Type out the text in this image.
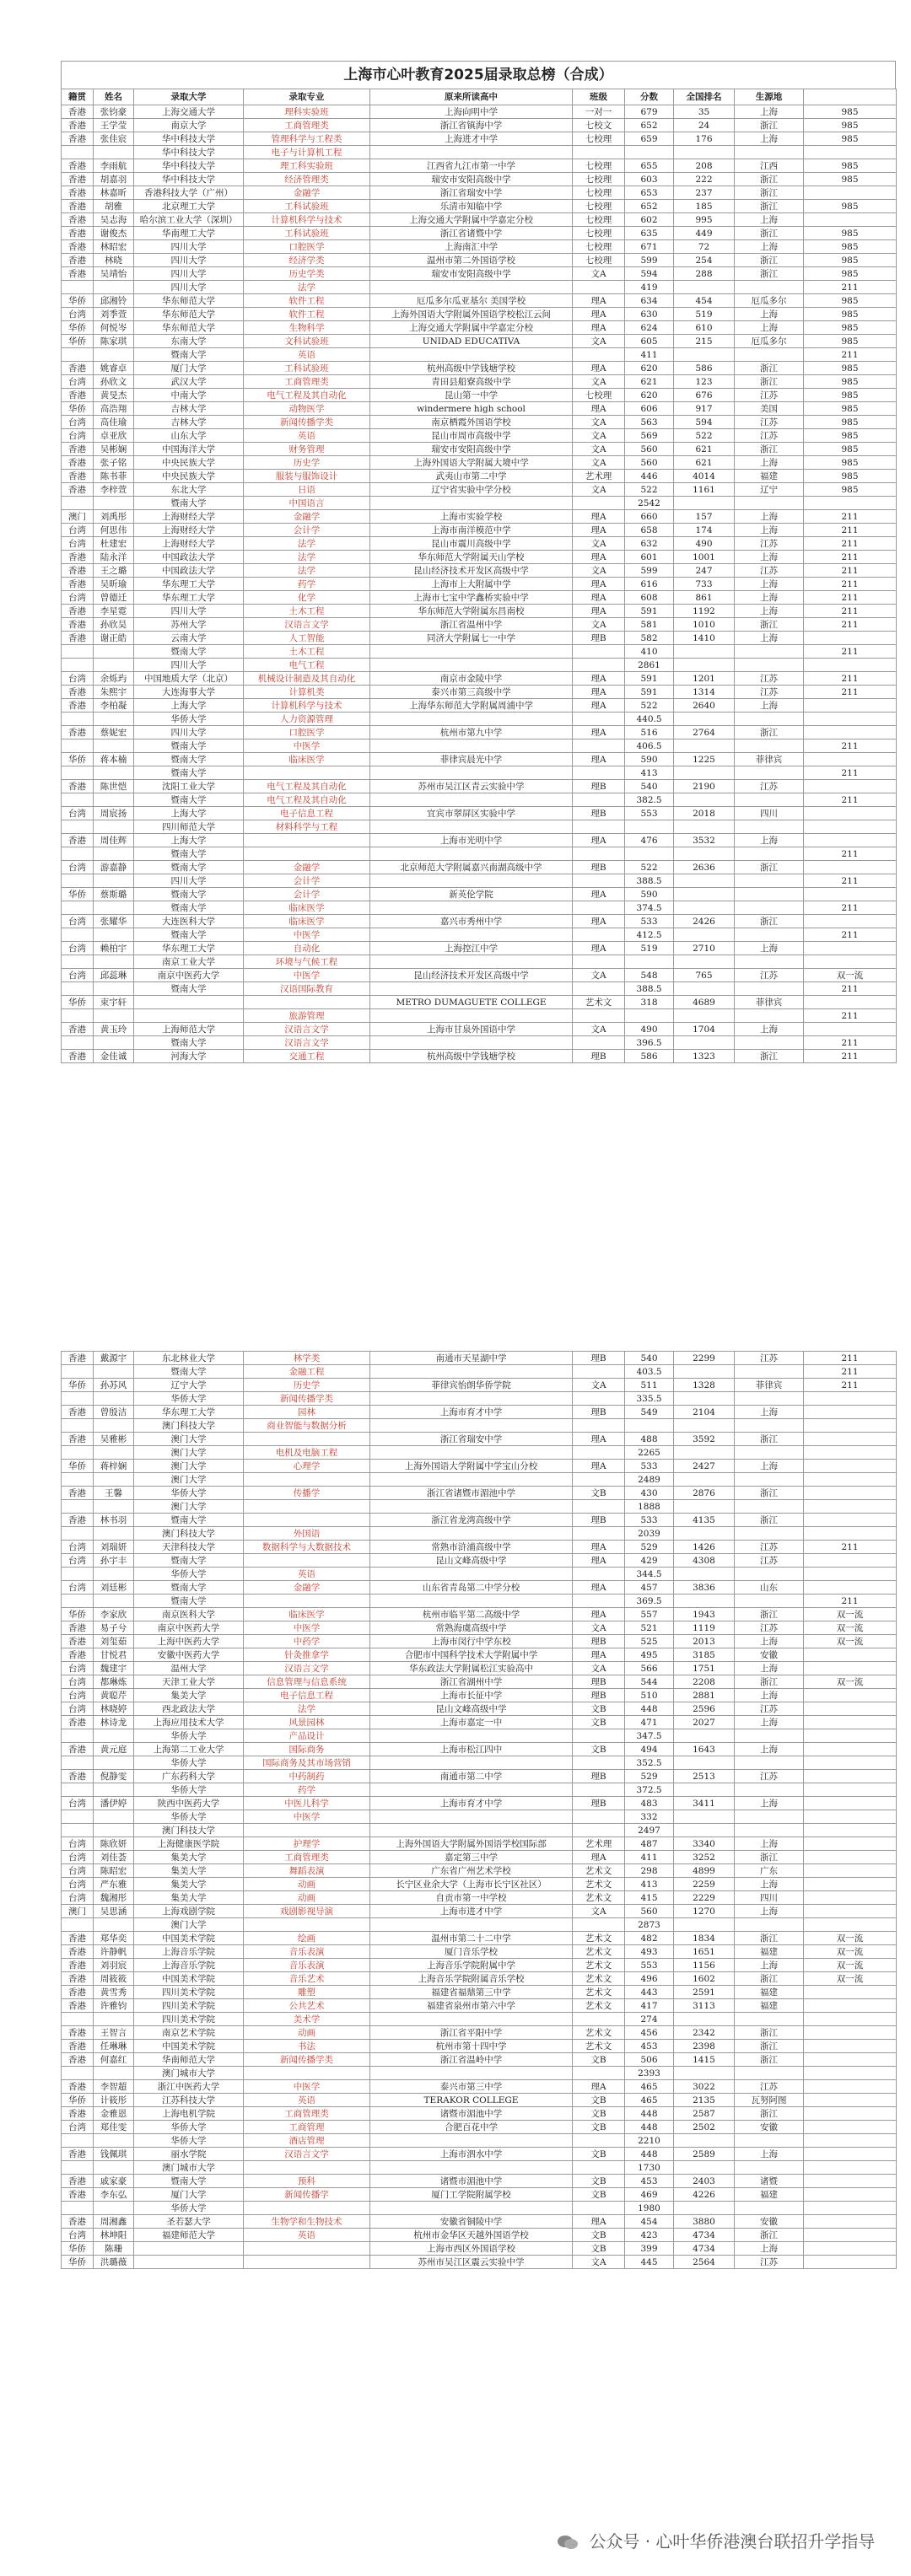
上海市心叶教育2025届录取总榜（合成）
籍贯	姓名	录取大学	录取专业	原来所读高中	班级	分数	全国排名	生源地	
香港	张钧豪	上海交通大学	理科实验班	上海向明中学	一对一	679	35	上海	985
香港	王学莹	南京大学	工商管理类	浙江省镇海中学	七校文	652	24	浙江	985
香港	张佳宸	华中科技大学	管理科学与工程类	上海进才中学	七校理	659	176	上海	985
		华中科技大学	电子与计算机工程						
香港	李雨航	华中科技大学	理工科实验班	江西省九江市第一中学	七校理	655	208	江西	985
香港	胡嘉羽	华中科技大学	经济管理类	瑞安市安阳高级中学	七校理	603	222	浙江	985
香港	林嘉昕	香港科技大学（广州）	金融学	浙江省瑞安中学	七校理	653	237	浙江	
香港	胡雅	北京理工大学	工科试验班	乐清市知临中学	七校理	652	185	浙江	985
香港	吴志海	哈尔滨工业大学（深圳）	计算机科学与技术	上海交通大学附属中学嘉定分校	七校理	602	995	上海	
香港	谢俊杰	华南理工大学	工科试验班	浙江省诸暨中学	七校理	635	449	浙江	985
香港	林昭宏	四川大学	口腔医学	上海南汇中学	七校理	671	72	上海	985
香港	林晓	四川大学	经济学类	温州市第二外国语学校	七校理	599	254	浙江	985
香港	吴靖怡	四川大学	历史学类	瑞安市安阳高级中学	文A	594	288	浙江	985
		四川大学	法学			419			211
华侨	邱湘铃	华东师范大学	软件工程	厄瓜多尔瓜亚基尔 美国学校	理A	634	454	厄瓜多尔	985
台湾	刘季萱	华东师范大学	软件工程	上海外国语大学附属外国语学校松江云间	理A	630	519	上海	985
华侨	何悦岑	华东师范大学	生物科学	上海交通大学附属中学嘉定分校	理A	624	610	上海	985
华侨	陈家琪	东南大学	文科试验班	UNIDAD EDUCATIVA	文A	605	215	厄瓜多尔	985
		暨南大学	英语			411			211
香港	姚睿卓	厦门大学	工科试验班	杭州高级中学钱塘学校	理A	620	586	浙江	985
台湾	孙欣文	武汉大学	工商管理类	青田县船寮高级中学	文A	621	123	浙江	985
香港	黄旻杰	中南大学	电气工程及其自动化	昆山第一中学	七校理	620	676	江苏	985
华侨	高浩翔	吉林大学	动物医学	windermere high school	理A	606	917	美国	985
台湾	高佳瑜	吉林大学	新闻传播学类	南京栖霞外国语学校	文A	563	594	江苏	985
台湾	卓亚欣	山东大学	英语	昆山市周市高级中学	文A	569	522	江苏	985
香港	吴彬娴	中国海洋大学	财务管理	瑞安市安阳高级中学	文A	560	621	浙江	985
香港	张子铭	中央民族大学	历史学	上海外国语大学附属大境中学	文A	560	621	上海	985
香港	陈书菲	中央民族大学	服装与服饰设计	武夷山市第二中学	艺术理	446	4014	福建	985
香港	李梓萱	东北大学	日语	辽宁省实验中学分校	文A	522	1161	辽宁	985
		暨南大学	中国语言			2542			
澳门	刘禹彤	上海财经大学	金融学	上海市实验学校	理A	660	157	上海	211
台湾	何思伟	上海财经大学	会计学	上海市南洋模范中学	理A	658	174	上海	211
台湾	杜建宏	上海财经大学	法学	昆山市震川高级中学	文A	632	490	江苏	211
香港	陆永洋	中国政法大学	法学	华东师范大学附属天山学校	理A	601	1001	上海	211
香港	王之璐	中国政法大学	法学	昆山经济技术开发区高级中学	文A	599	247	江苏	211
香港	吴昕瑜	华东理工大学	药学	上海市上大附属中学	理A	616	733	上海	211
台湾	曾德迁	华东理工大学	化学	上海市七宝中学鑫桥实验中学	理A	608	861	上海	211
香港	李星霓	四川大学	土木工程	华东师范大学附属东昌南校	理A	591	1192	上海	211
香港	孙欣昊	苏州大学	汉语言文学	浙江省温州中学	文A	581	1010	浙江	211
香港	谢正皓	云南大学	人工智能	同济大学附属七一中学	理B	582	1410	上海	
		暨南大学	土木工程			410			211
		四川大学	电气工程			2861			
台湾	余烁玙	中国地质大学（北京）	机械设计制造及其自动化	南京市金陵中学	理A	591	1201	江苏	211
香港	朱熙宇	大连海事大学	计算机类	泰兴市第三高级中学	理A	591	1314	江苏	211
香港	李柏凝	上海大学	计算机科学与技术	上海华东师范大学附属周浦中学	理A	522	2640	上海	
		华侨大学	人力资源管理			440.5			
香港	蔡妮宏	四川大学	口腔医学	杭州市第九中学	理A	516	2764	浙江	
		暨南大学	中医学			406.5			211
华侨	蒋本楠	暨南大学	临床医学	菲律宾晨光中学	理A	590	1225	菲律宾	
		暨南大学				413			211
香港	陈世恺	沈阳工业大学	电气工程及其自动化	苏州市吴江区青云实验中学	理B	540	2190	江苏	
		暨南大学	电气工程及其自动化			382.5			211
台湾	周宸扬	上海大学	电子信息工程	宜宾市翠屏区实验中学	理B	553	2018	四川	
		四川师范大学	材料科学与工程						
香港	周佳辉	上海大学		上海市光明中学	理A	476	3532	上海	
		暨南大学							211
台湾	游嘉静	暨南大学	金融学	北京师范大学附属嘉兴南湖高级中学	理B	522	2636	浙江	
		四川大学	会计学			388.5			211
华侨	蔡斯璐	暨南大学	会计学	新英伦学院	理A	590			
		暨南大学	临床医学			374.5			211
台湾	张耀华	大连医科大学	临床医学	嘉兴市秀州中学	理A	533	2426	浙江	
		暨南大学	中医学			412.5			211
台湾	赖柏宇	华东理工大学	自动化	上海控江中学	理A	519	2710	上海	
		南京工业大学	环境与气候工程						
台湾	邱蕊琳	南京中医药大学	中医学	昆山经济技术开发区高级中学	文A	548	765	江苏	双一流
		暨南大学	汉语国际教育			388.5			211
华侨	束宇轩			METRO DUMAGUETE COLLEGE	艺术文	318	4689	菲律宾	
			旅游管理						211
香港	黄玉玲	上海师范大学	汉语言文学	上海市甘泉外国语中学	文A	490	1704	上海	
		暨南大学	汉语言文学			396.5			211
香港	金佳诚	河海大学	交通工程	杭州高级中学钱塘学校	理B	586	1323	浙江	211
香港	戴源宇	东北林业大学	林学类	南通市天星湖中学	理B	540	2299	江苏	211
		暨南大学	金融工程			403.5			211
华侨	孙苏风	辽宁大学	历史学	菲律宾怡朗华侨学院	文A	511	1328	菲律宾	211
		华侨大学	新闻传播学类			335.5			
香港	曾殷洁	华东理工大学	园林	上海市育才中学	理B	549	2104	上海	
		澳门科技大学	商业智能与数据分析						
香港	吴雅彬	澳门大学		浙江省瑞安中学	理A	488	3592	浙江	
		澳门大学	电机及电脑工程			2265			
华侨	蒋梓娴	澳门大学	心理学	上海外国语大学附属中学宝山分校	理A	533	2427	上海	
		澳门大学				2489			
香港	王馨	华侨大学	传播学	浙江省诸暨市湄池中学	文B	430	2876	浙江	
		澳门大学				1888			
香港	林书羽	暨南大学		浙江省龙湾高级中学	理B	533	4135	浙江	
		澳门科技大学	外国语			2039			
台湾	刘瑞妍	天津科技大学	数据科学与大数据技术	常熟市浒浦高级中学	理A	529	1426	江苏	211
台湾	孙宇丰	暨南大学		昆山文峰高级中学	理A	429	4308	江苏	
		华侨大学	英语			344.5			
台湾	刘廷彬	暨南大学	金融学	山东省青岛第二中学分校	理A	457	3836	山东	
		暨南大学				369.5			211
华侨	李家欣	南京医科大学	临床医学	杭州市临平第二高级中学	理A	557	1943	浙江	双一流
香港	易子兮	南京中医药大学	中医学	常熟海虞高级中学	文A	521	1119	江苏	双一流
香港	刘玺茹	上海中医药大学	中药学	上海市闵行中学东校	理B	525	2013	上海	双一流
香港	甘悦君	安徽中医药大学	针灸推拿学	合肥市中国科学技术大学附属中学	理A	495	3185	安徽	
台湾	魏建宇	温州大学	汉语言文学	华东政法大学附属松江实验高中	文A	566	1751	上海	
台湾	都琳炼	天津工业大学	信息管理与信息系统	浙江省湖州中学	理B	544	2208	浙江	双一流
台湾	黄聪芹	集美大学	电子信息工程	上海市长征中学	理B	510	2881	上海	
台湾	林晓婷	西北政法大学	法学	昆山文峰高级中学	文B	448	2596	江苏	
香港	林诗龙	上海应用技术大学	风景园林	上海市嘉定一中	文B	471	2027	上海	
		华侨大学	产品设计			347.5			
香港	黄元庭	上海第二工业大学	国际商务	上海市松江四中	文B	494	1643	上海	
		华侨大学	国际商务及其市场营销			352.5			
香港	倪静雯	广东药科大学	中药制药	南通市第二中学	理B	529	2513	江苏	
		华侨大学	药学			372.5			
台湾	潘伊婷	陕西中医药大学	中医儿科学	上海市育才中学	理B	483	3411	上海	
		华侨大学	中医学			332			
		澳门科技大学				2497			
台湾	陈欣妍	上海健康医学院	护理学	上海外国语大学附属外国语学校国际部	艺术理	487	3340	上海	
台湾	刘佳荟	集美大学	工商管理类	嘉定第三中学	理A	411	3252	浙江	
台湾	陈昭宏	集美大学	舞蹈表演	广东省广州艺术学校	艺术文	298	4899	广东	
台湾	严东雅	集美大学	动画	长宁区业余大学（上海市长宁区社区）	艺术文	413	2259	上海	
台湾	魏湘彤	集美大学	动画	自贡市第一中学校	艺术文	415	2229	四川	
澳门	吴思涵	上海戏剧学院	戏剧影视导演	上海市进才中学	文A	560	1270	上海	
		澳门大学				2873			
香港	郑华奕	中国美术学院	绘画	温州市第二十二中学	艺术文	482	1834	浙江	双一流
香港	许静帆	上海音乐学院	音乐表演	厦门音乐学校	艺术文	493	1651	福建	双一流
香港	刘羽宸	上海音乐学院	音乐表演	上海音乐学院附属中学	艺术文	553	1156	上海	双一流
香港	周筱筱	中国美术学院	音乐艺术	上海音乐学院附属音乐学校	艺术文	496	1602	浙江	双一流
香港	黄雪秀	四川美术学院	雕塑	福建省福鼎第三中学	艺术文	443	2591	福建	
香港	许雅钧	四川美术学院	公共艺术	福建省泉州市第六中学	艺术文	417	3113	福建	
		四川美术学院	美术学			274			
香港	王智言	南京艺术学院	动画	浙江省平阳中学	艺术文	456	2342	浙江	
香港	任琳琳	中国美术学院	书法	杭州市第十四中学	艺术文	453	2398	浙江	
香港	何嘉红	华南师范大学	新闻传播学类	浙江省温岭中学	文B	506	1415	浙江	
		澳门城市大学				2393			
香港	李智超	浙江中医药大学	中医学	泰兴市第三中学	理A	465	3022	江苏	
华侨	计筱彤	江苏科技大学	英语	TERAKOR COLLEGE	文B	465	2135	瓦努阿图	
香港	金雅恩	上海电机学院	工商管理类	诸暨市湄池中学	文B	448	2587	浙江	
台湾	郑佳雯	华侨大学	工商管理	合肥百花中学	文B	448	2502	安徽	
		华侨大学	酒店管理			2210			
香港	钱佩琪	丽水学院	汉语言文学	上海市泗水中学	文B	448	2589	上海	
		澳门城市大学				1730			
香港	戚家豪	暨南大学	预科	诸暨市湄池中学	文B	453	2403	诸暨	
香港	李东弘	厦门大学	新闻传播学	厦门工学院附属学校	文B	469	4226	福建	
		华侨大学				1980			
香港	周湘鑫	圣若瑟大学	生物学和生物技术	安徽省铜陵中学	理A	454	3880	安徽	
台湾	林坤阳	福建师范大学	英语	杭州市金华区天越外国语学校	文B	423	4734	浙江	
华侨	陈珊			上海市西区外国语学校	文B	399	4734	上海	
华侨	洪璐薇			苏州市吴江区震云实验中学	文A	445	2564	江苏	
公众号 · 心叶华侨港澳台联招升学指导
